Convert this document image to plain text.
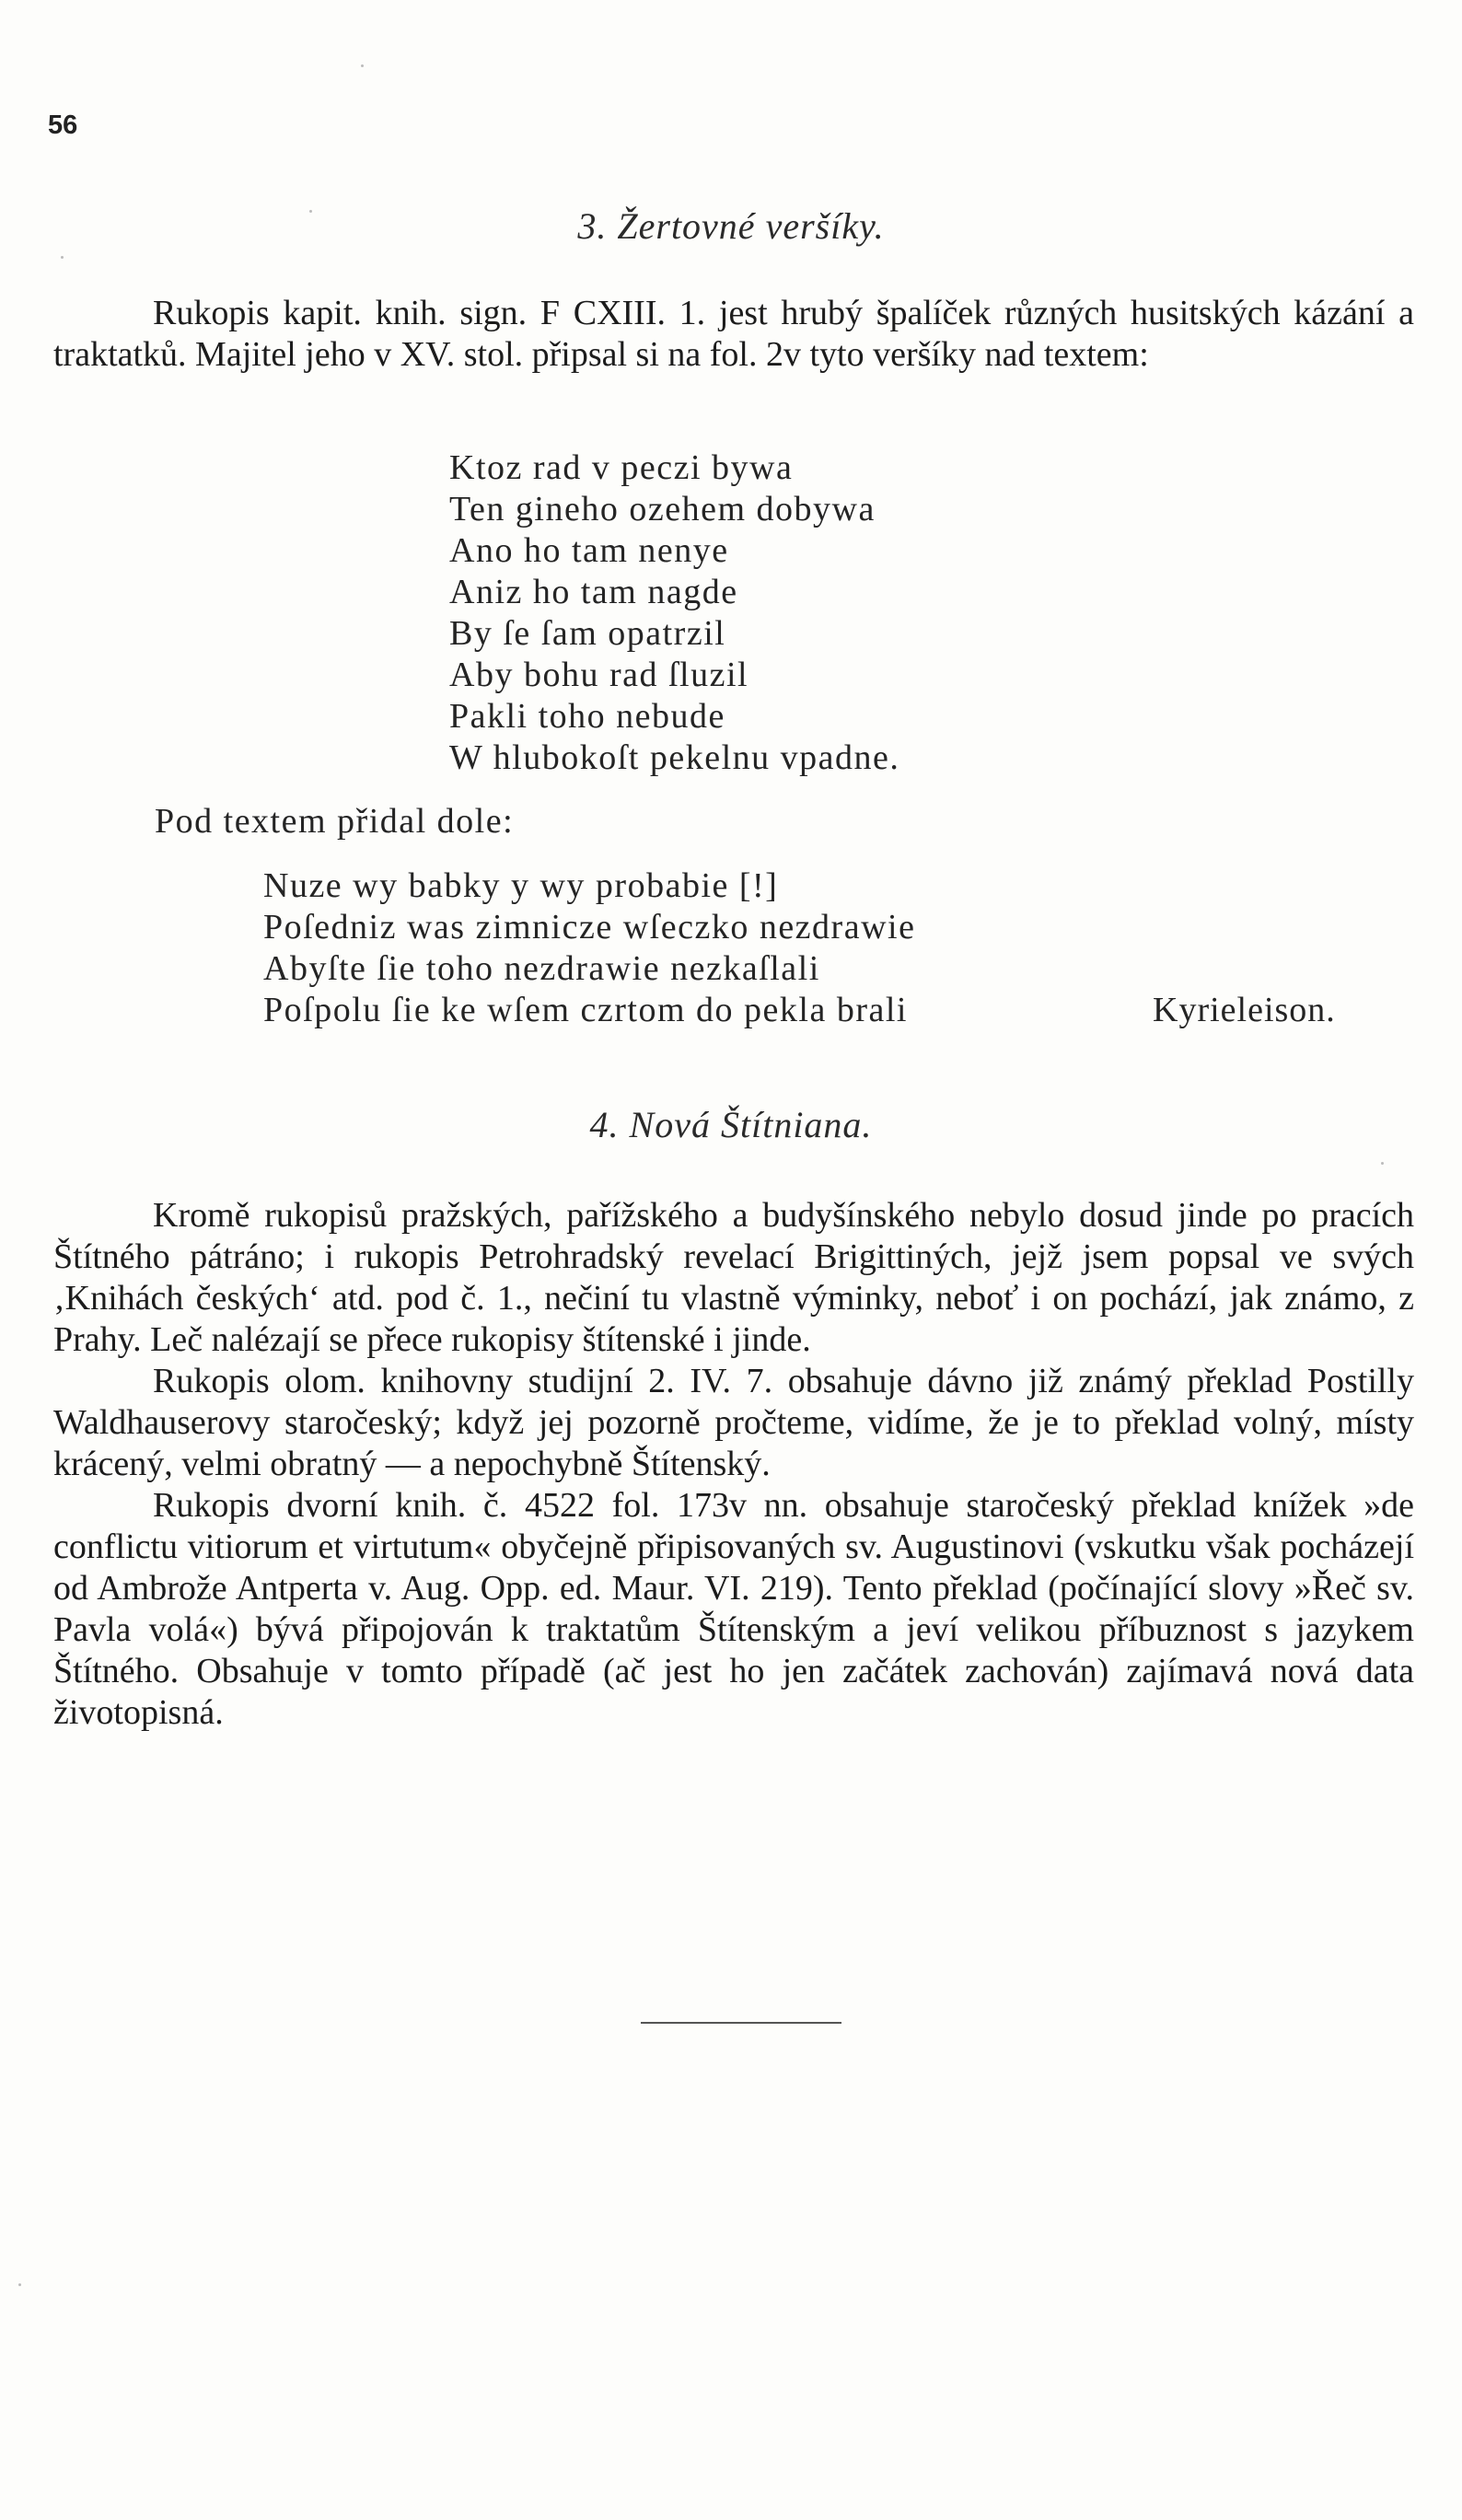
56
3. Žertovné veršíky.

Rukopis kapit. knih. sign. F CXIII. 1. jest hrubý špalíček různých husitských kázání a traktatků. Majitel jeho v XV. stol. připsal si na fol. 2v tyto veršíky nad textem:

Ktoz rad v peczi bywa
Ten gineho ozehem dobywa
Ano ho tam nenye
Aniz ho tam nagde
By ſe ſam opatrzil
Aby bohu rad ſluzil
Pakli toho nebude
W hlubokoſt pekelnu vpadne.
Pod textem přidal dole:
Nuze wy babky y wy probabie [!]
Poſedniz was zimnicze wſeczko nezdrawie
Abyſte ſie toho nezdrawie nezkaſlali
Poſpolu ſie ke wſem czrtom do pekla brali	Kyrieleison.
4. Nová Štítniana.

Kromě rukopisů pražských, pařížského a budyšínského nebylo dosud jinde po pracích Štítného pátráno; i rukopis Petrohradský revelací Brigittiných, jejž jsem popsal ve svých ‚Knihách českých‘ atd. pod č. 1., nečiní tu vlastně výminky, neboť i on pochází, jak známo, z Prahy. Leč nalézají se přece rukopisy štítenské i jinde.

Rukopis olom. knihovny studijní 2. IV. 7. obsahuje dávno již známý překlad Postilly Waldhauserovy staročeský; když jej pozorně pročteme, vidíme, že je to překlad volný, místy krácený, velmi obratný — a nepochybně Štítenský.

Rukopis dvorní knih. č. 4522 fol. 173v nn. obsahuje staročeský překlad knížek »de conflictu vitiorum et virtutum« obyčejně připisovaných sv. Augustinovi (vskutku však pocházejí od Ambrože Antperta v. Aug. Opp. ed. Maur. VI. 219). Tento překlad (počínající slovy »Řeč sv. Pavla volá«) bývá připojován k traktatům Štítenským a jeví velikou příbuznost s jazykem Štítného. Obsahuje v tomto případě (ač jest ho jen začátek zachován) zajímavá nová data životopisná.
